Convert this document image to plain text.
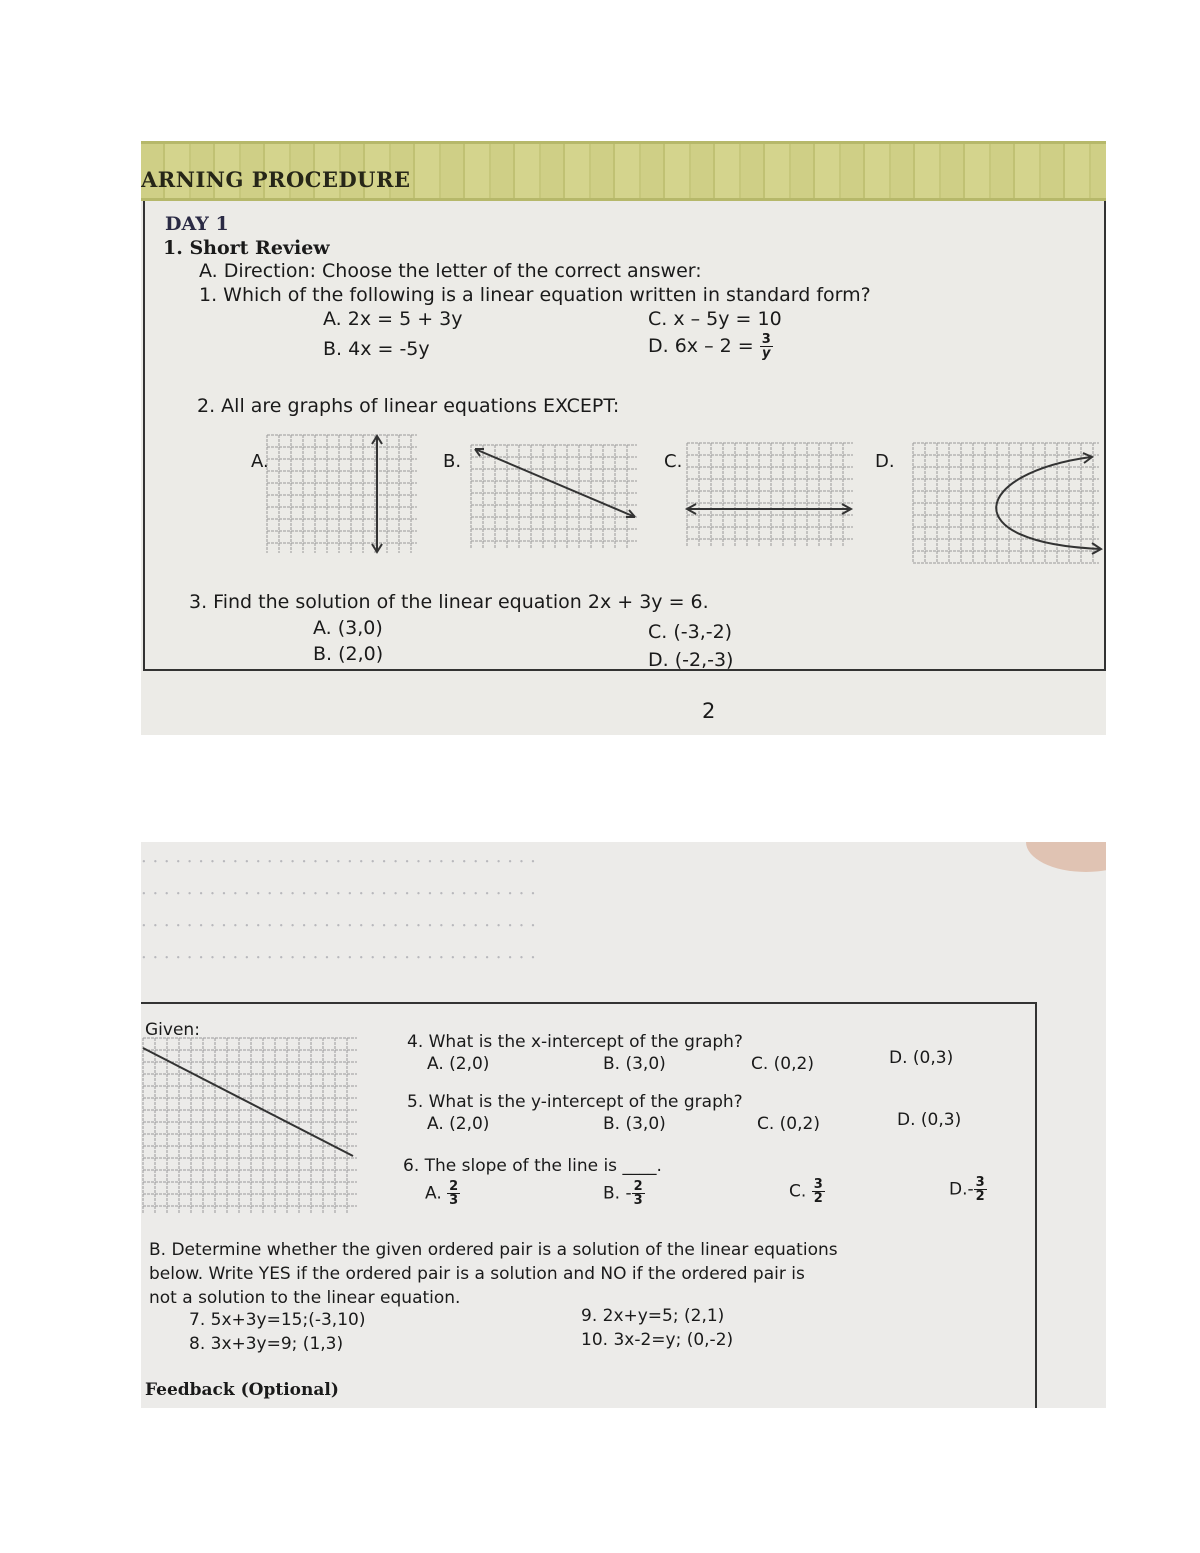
ARNING PROCEDURE
DAY 1
1. Short Review
A. Direction: Choose the letter of the correct answer:
1. Which of the following is a linear equation written in standard form?
A. 2x = 5 + 3y
B. 4x = -5y
C. x – 5y = 10
D. $6x - 2 = \frac{3}{y}$
2. All are graphs of linear equations EXCEPT:
A.	B.	C.	D.
3. Find the solution of the linear equation 2x + 3y = 6.
A. (3,0)
B. (2,0)
C. (-3,-2)
D. (-2,-3)
2
· · · · · · · · · · · · · · · · · · · · · · · · · · · · · · · · · · ·
· · · · · · · · · · · · · · · · · · · · · · · · · · · · · · · · · · ·
· · · · · · · · · · · · · · · · · · · · · · · · · · · · · · · · · · ·
· · · · · · · · · · · · · · · · · · · · · · · · · · · · · · · · · · ·
Given:
4. What is the x-intercept of the graph?
A. (2,0)	B. (3,0)	C. (0,2)	D. (0,3)
5. What is the y-intercept of the graph?
A. (2,0)	B. (3,0)	C. (0,2)	D. (0,3)
6. The slope of the line is ____.
A. $\frac{2}{3}$	B. - $\frac{2}{3}$	C. $\frac{3}{2}$	$D.- \frac{3}{2}$
B. Determine whether the given ordered pair is a solution of the linear equations
below. Write YES if the ordered pair is a solution and NO if the ordered pair is
not a solution to the linear equation.
7. 5x+3y=15;(-3,10)
8. 3x+3y=9; (1,3)
9. 2x+y=5; (2,1)
10. 3x-2=y; (0,-2)
Feedback (Optional)
